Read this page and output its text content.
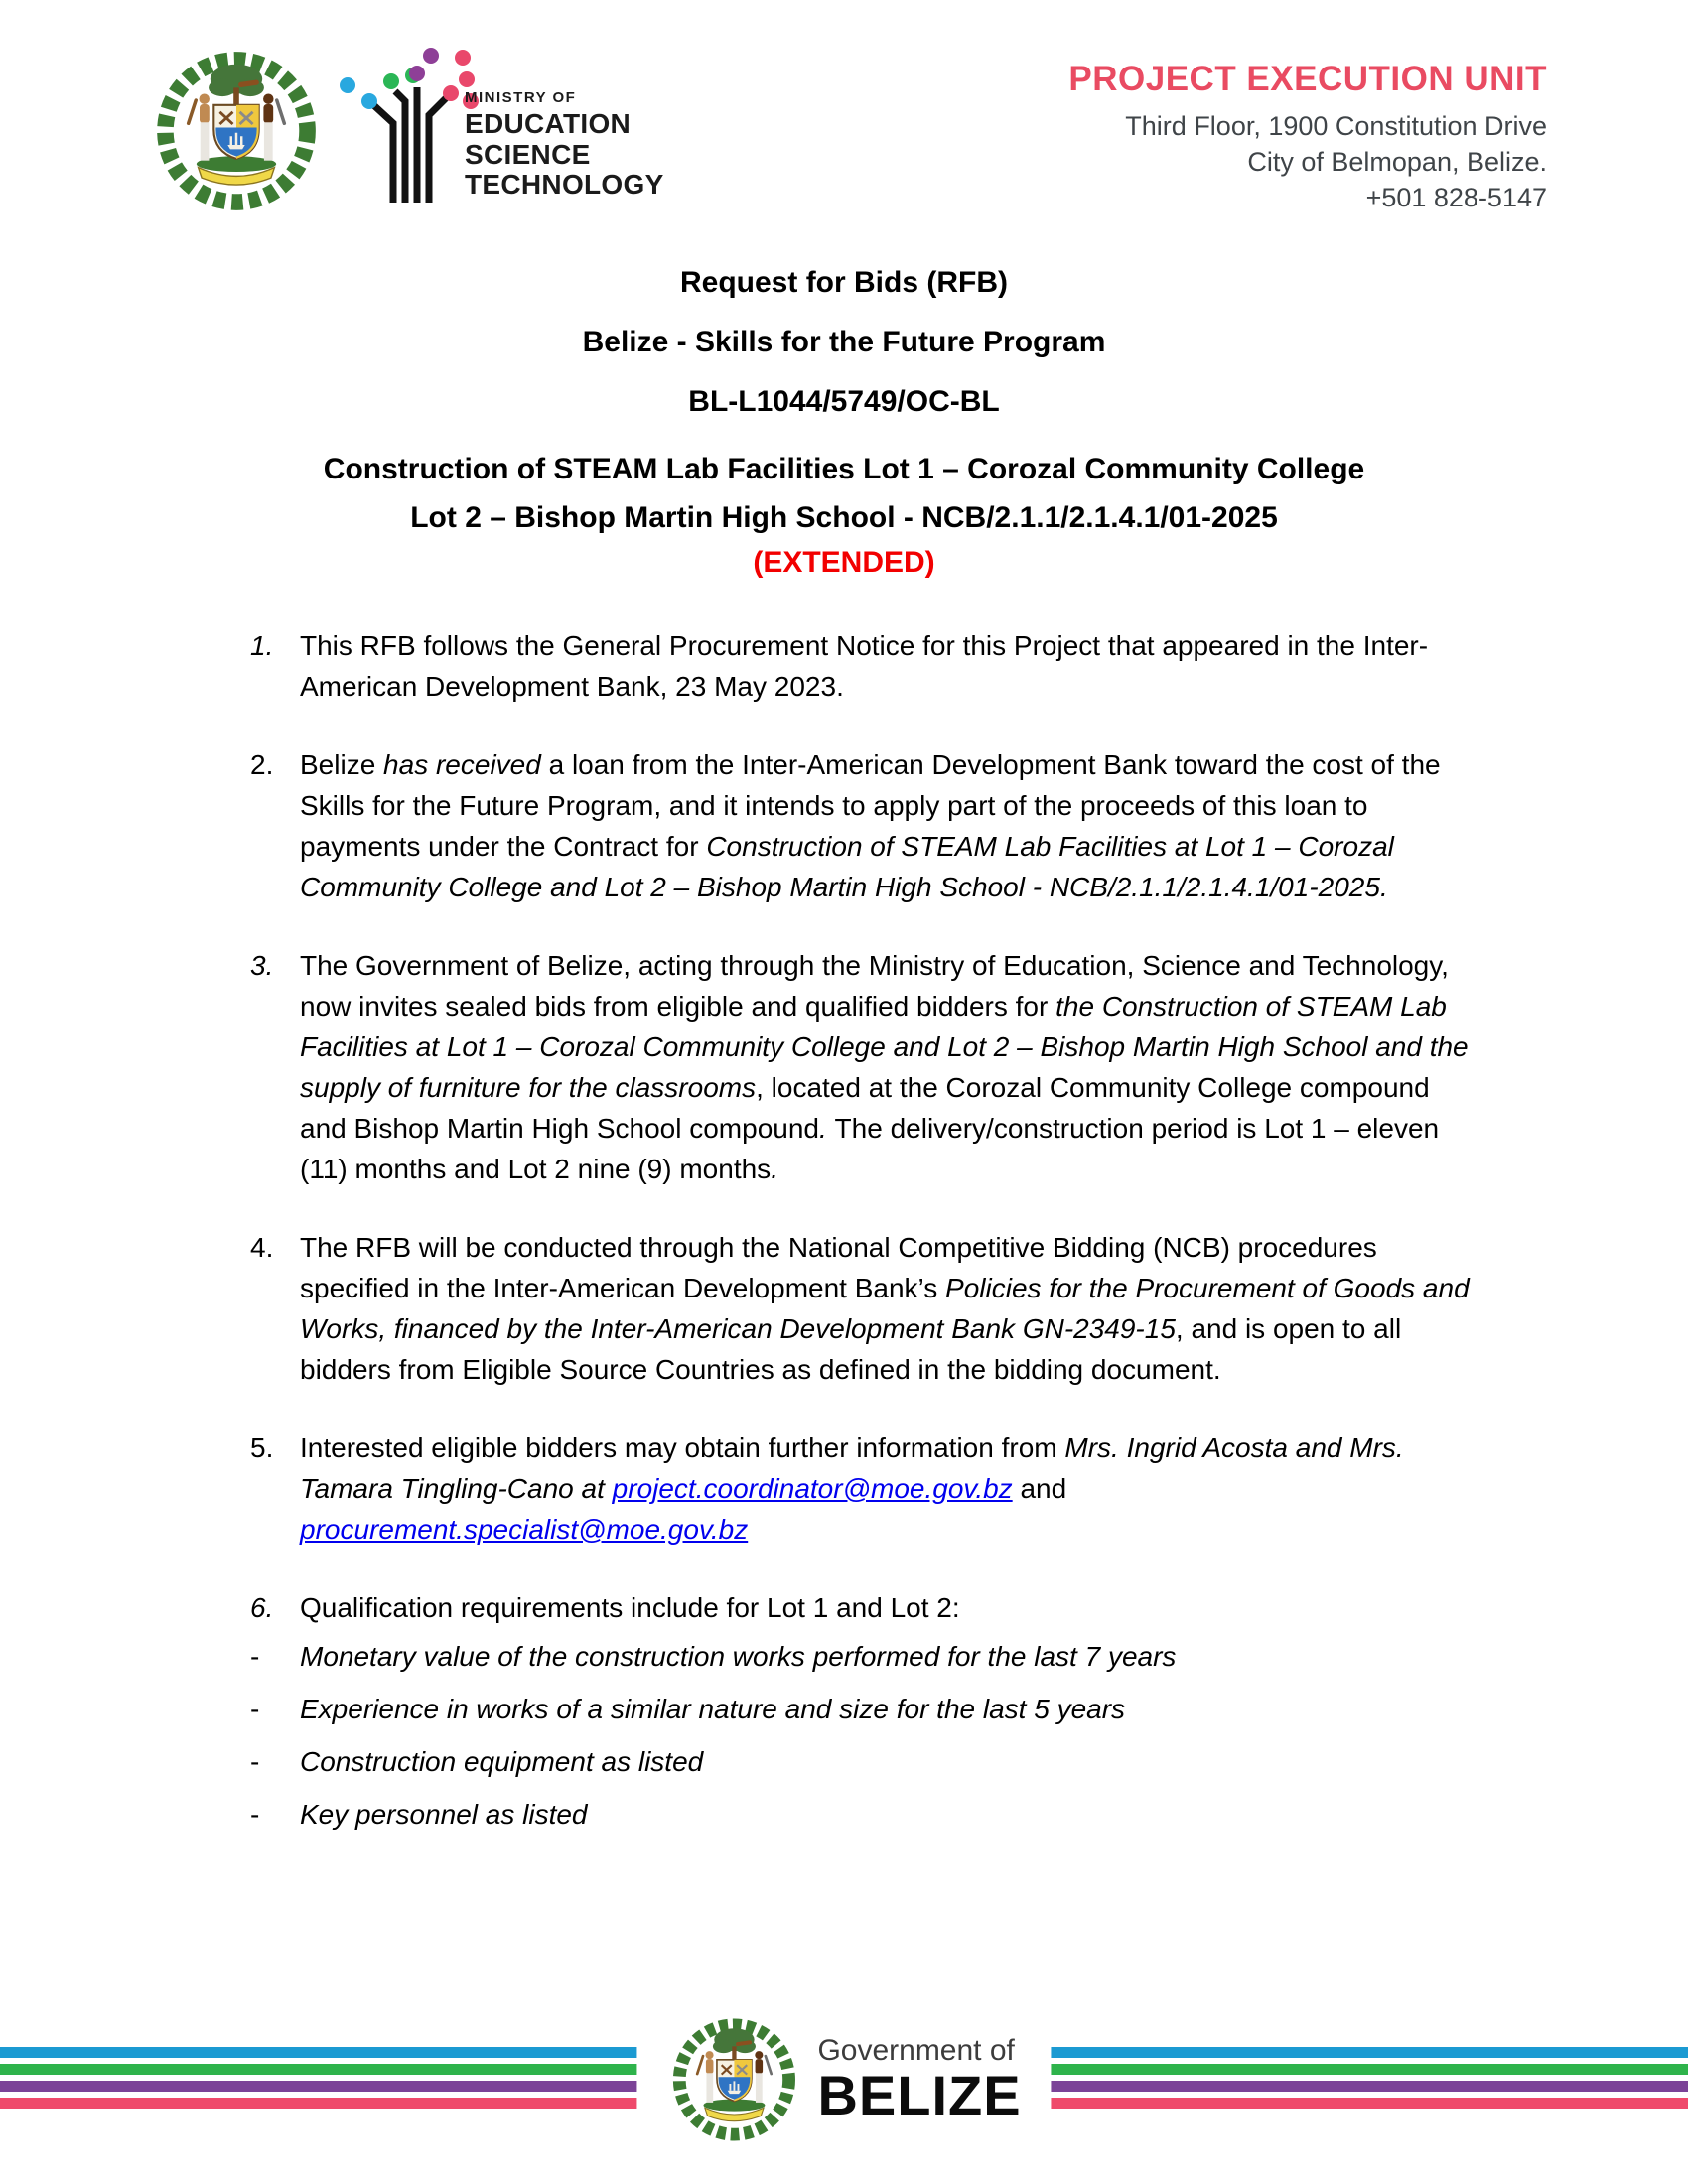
MINISTRY OF
EDUCATION
SCIENCE
TECHNOLOGY
PROJECT EXECUTION UNIT
Third Floor, 1900 Constitution Drive
City of Belmopan, Belize.
+501 828-5147
Request for Bids (RFB)
Belize - Skills for the Future Program
BL-L1044/5749/OC-BL
Construction of STEAM Lab Facilities Lot 1 – Corozal Community College
Lot 2 – Bishop Martin High School - NCB/2.1.1/2.1.4.1/01-2025
(EXTENDED)
1. This RFB follows the General Procurement Notice for this Project that appeared in the Inter-American Development Bank, 23 May 2023.
2. Belize has received a loan from the Inter-American Development Bank toward the cost of the Skills for the Future Program, and it intends to apply part of the proceeds of this loan to payments under the Contract for Construction of STEAM Lab Facilities at Lot 1 – Corozal Community College and Lot 2 – Bishop Martin High School - NCB/2.1.1/2.1.4.1/01-2025.
3. The Government of Belize, acting through the Ministry of Education, Science and Technology, now invites sealed bids from eligible and qualified bidders for the Construction of STEAM Lab Facilities at Lot 1 – Corozal Community College and Lot 2 – Bishop Martin High School and the supply of furniture for the classrooms, located at the Corozal Community College compound and Bishop Martin High School compound. The delivery/construction period is Lot 1 – eleven (11) months and Lot 2 nine (9) months.
4. The RFB will be conducted through the National Competitive Bidding (NCB) procedures specified in the Inter-American Development Bank’s Policies for the Procurement of Goods and Works, financed by the Inter-American Development Bank GN-2349-15, and is open to all bidders from Eligible Source Countries as defined in the bidding document.
5. Interested eligible bidders may obtain further information from Mrs. Ingrid Acosta and Mrs. Tamara Tingling-Cano at project.coordinator@moe.gov.bz and procurement.specialist@moe.gov.bz
6. Qualification requirements include for Lot 1 and Lot 2:
-	Monetary value of the construction works performed for the last 7 years
-	Experience in works of a similar nature and size for the last 5 years
-	Construction equipment as listed
-	Key personnel as listed
Government of
BELIZE
